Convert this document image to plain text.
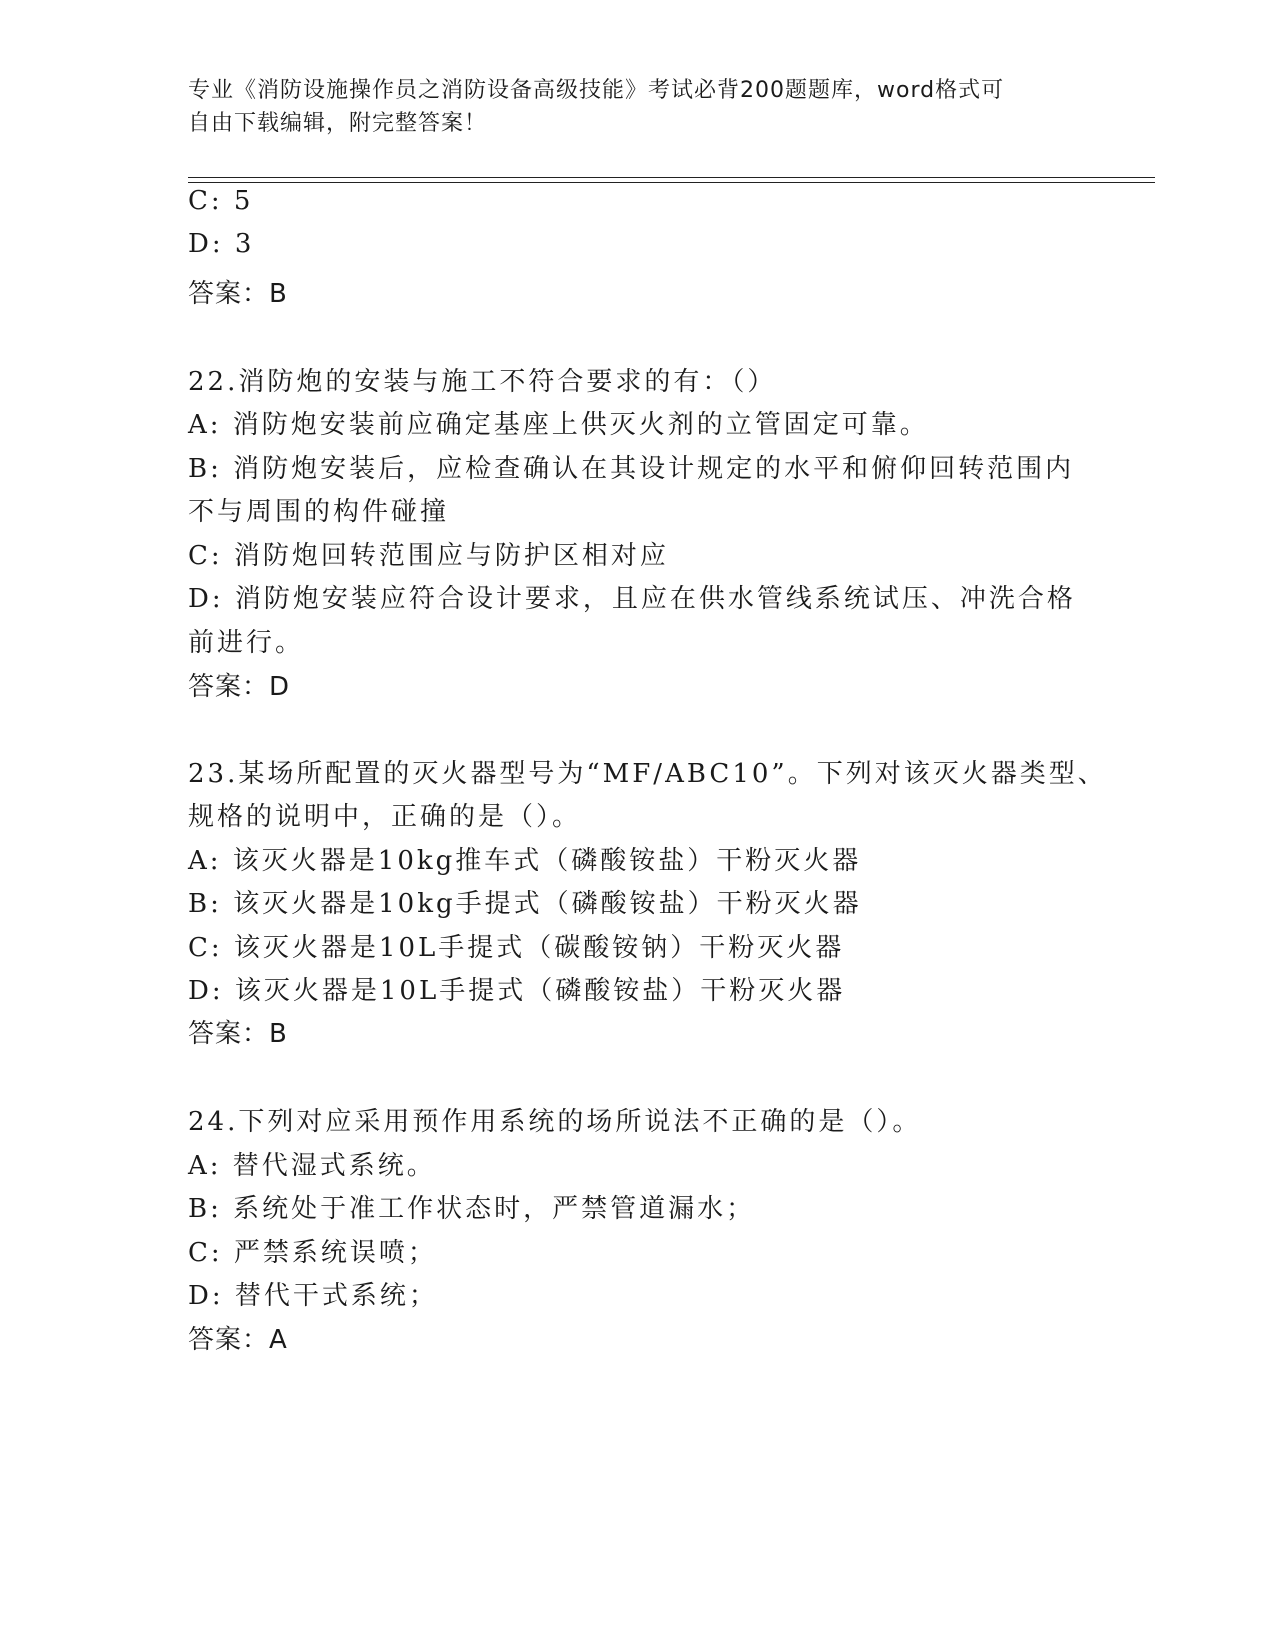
专业《消防设施操作员之消防设备高级技能》考试必背200题题库，word格式可
自由下载编辑，附完整答案！
C: 5
D: 3
答案：B
22.消防炮的安装与施工不符合要求的有：（）
A: 消防炮安装前应确定基座上供灭火剂的立管固定可靠。
B: 消防炮安装后，应检查确认在其设计规定的水平和俯仰回转范围内
不与周围的构件碰撞
C: 消防炮回转范围应与防护区相对应
D: 消防炮安装应符合设计要求，且应在供水管线系统试压、冲洗合格
前进行。
答案：D
23.某场所配置的灭火器型号为“MF/ABC10”。下列对该灭火器类型、
规格的说明中，正确的是（）。
A: 该灭火器是10kg推车式（磷酸铵盐）干粉灭火器
B: 该灭火器是10kg手提式（磷酸铵盐）干粉灭火器
C: 该灭火器是10L手提式（碳酸铵钠）干粉灭火器
D: 该灭火器是10L手提式（磷酸铵盐）干粉灭火器
答案：B
24.下列对应采用预作用系统的场所说法不正确的是（）。
A: 替代湿式系统。
B: 系统处于准工作状态时，严禁管道漏水；
C: 严禁系统误喷；
D: 替代干式系统；
答案：A
